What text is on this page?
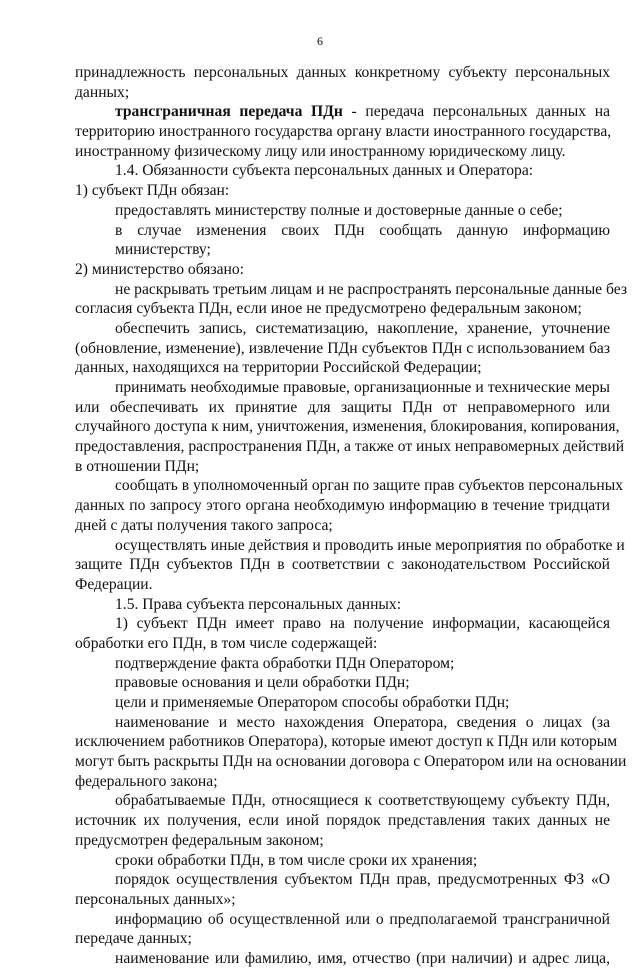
6
принадлежность персональных данных конкретному субъекту персональных
данных;
трансграничная передача ПДн - передача персональных данных на
территорию иностранного государства органу власти иностранного государства,
иностранному физическому лицу или иностранному юридическому лицу.
1.4. Обязанности субъекта персональных данных и Оператора:
1) субъект ПДн обязан:
предоставлять министерству полные и достоверные данные о себе;
в случае изменения своих ПДн сообщать данную информацию
министерству;
2) министерство обязано:
не раскрывать третьим лицам и не распространять персональные данные без
согласия субъекта ПДн, если иное не предусмотрено федеральным законом;
обеспечить запись, систематизацию, накопление, хранение, уточнение
(обновление, изменение), извлечение ПДн субъектов ПДн с использованием баз
данных, находящихся на территории Российской Федерации;
принимать необходимые правовые, организационные и технические меры
или обеспечивать их принятие для защиты ПДн от неправомерного или
случайного доступа к ним, уничтожения, изменения, блокирования, копирования,
предоставления, распространения ПДн, а также от иных неправомерных действий
в отношении ПДн;
сообщать в уполномоченный орган по защите прав субъектов персональных
данных по запросу этого органа необходимую информацию в течение тридцати
дней с даты получения такого запроса;
осуществлять иные действия и проводить иные мероприятия по обработке и
защите ПДн субъектов ПДн в соответствии с законодательством Российской
Федерации.
1.5. Права субъекта персональных данных:
1) субъект ПДн имеет право на получение информации, касающейся
обработки его ПДн, в том числе содержащей:
подтверждение факта обработки ПДн Оператором;
правовые основания и цели обработки ПДн;
цели и применяемые Оператором способы обработки ПДн;
наименование и место нахождения Оператора, сведения о лицах (за
исключением работников Оператора), которые имеют доступ к ПДн или которым
могут быть раскрыты ПДн на основании договора с Оператором или на основании
федерального закона;
обрабатываемые ПДн, относящиеся к соответствующему субъекту ПДн,
источник их получения, если иной порядок представления таких данных не
предусмотрен федеральным законом;
сроки обработки ПДн, в том числе сроки их хранения;
порядок осуществления субъектом ПДн прав, предусмотренных ФЗ «О
персональных данных»;
информацию об осуществленной или о предполагаемой трансграничной
передаче данных;
наименование или фамилию, имя, отчество (при наличии) и адрес лица,
